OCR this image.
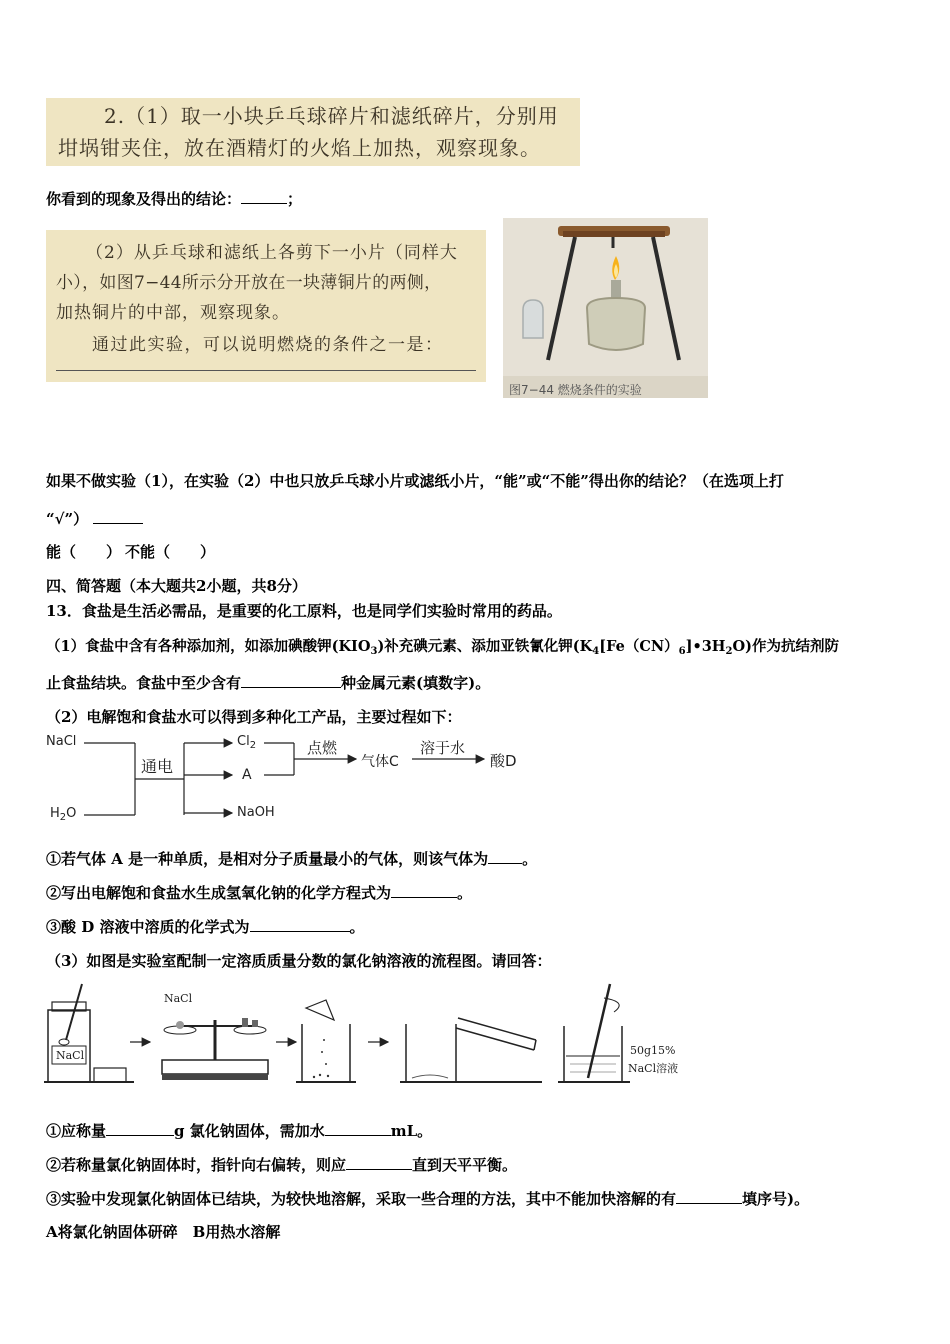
2.（1）取一小块乒乓球碎片和滤纸碎片，分别用

坩埚钳夹住，放在酒精灯的火焰上加热，观察现象。

你看到的现象及得出的结论：	；

（2）从乒乓球和滤纸上各剪下一小片（同样大

小），如图7−44所示分开放在一块薄铜片的两侧，

加热铜片的中部，观察现象。

通过此实验，可以说明燃烧的条件之一是：

图7−44 燃烧条件的实验
如果不做实验（1），在实验（2）中也只放乒乓球小片或滤纸小片，“能”或“不能”得出你的结论？（在选项上打
“√”）
能（　　） 不能（　　）
四、简答题（本大题共2小题，共8分）
13．食盐是生活必需品，是重要的化工原料，也是同学们实验时常用的药品。
（1）食盐中含有各种添加剂，如添加碘酸钾$(KIO_3)$补充碘元素、添加亚铁氰化钾$(K_4[Fe(CN)_6]•3H_2O)$作为抗结剂防
止食盐结块。食盐中至少含有	种金属元素(填数字)。
（2）电解饱和食盐水可以得到多种化工产品，主要过程如下：
NaCl
$H_2O$
通电
$Cl_2$
A
NaOH
点燃
气体C
溶于水
酸D
①若气体 A 是一种单质，是相对分子质量最小的气体，则该气体为 。
②写出电解饱和食盐水生成氢氧化钠的化学方程式为	。
③酸 D 溶液中溶质的化学式为	。
（3）如图是实验室配制一定溶质质量分数的氯化钠溶液的流程图。请回答：
NaCl
NaCl
50g15%
NaCl溶液
①应称量	g 氯化钠固体，需加水	mL。
②若称量氯化钠固体时，指针向右偏转，则应	直到天平平衡。
③实验中发现氯化钠固体已结块，为较快地溶解，采取一些合理的方法，其中不能加快溶解的有	填序号)。
A将氯化钠固体研碎　B用热水溶解
